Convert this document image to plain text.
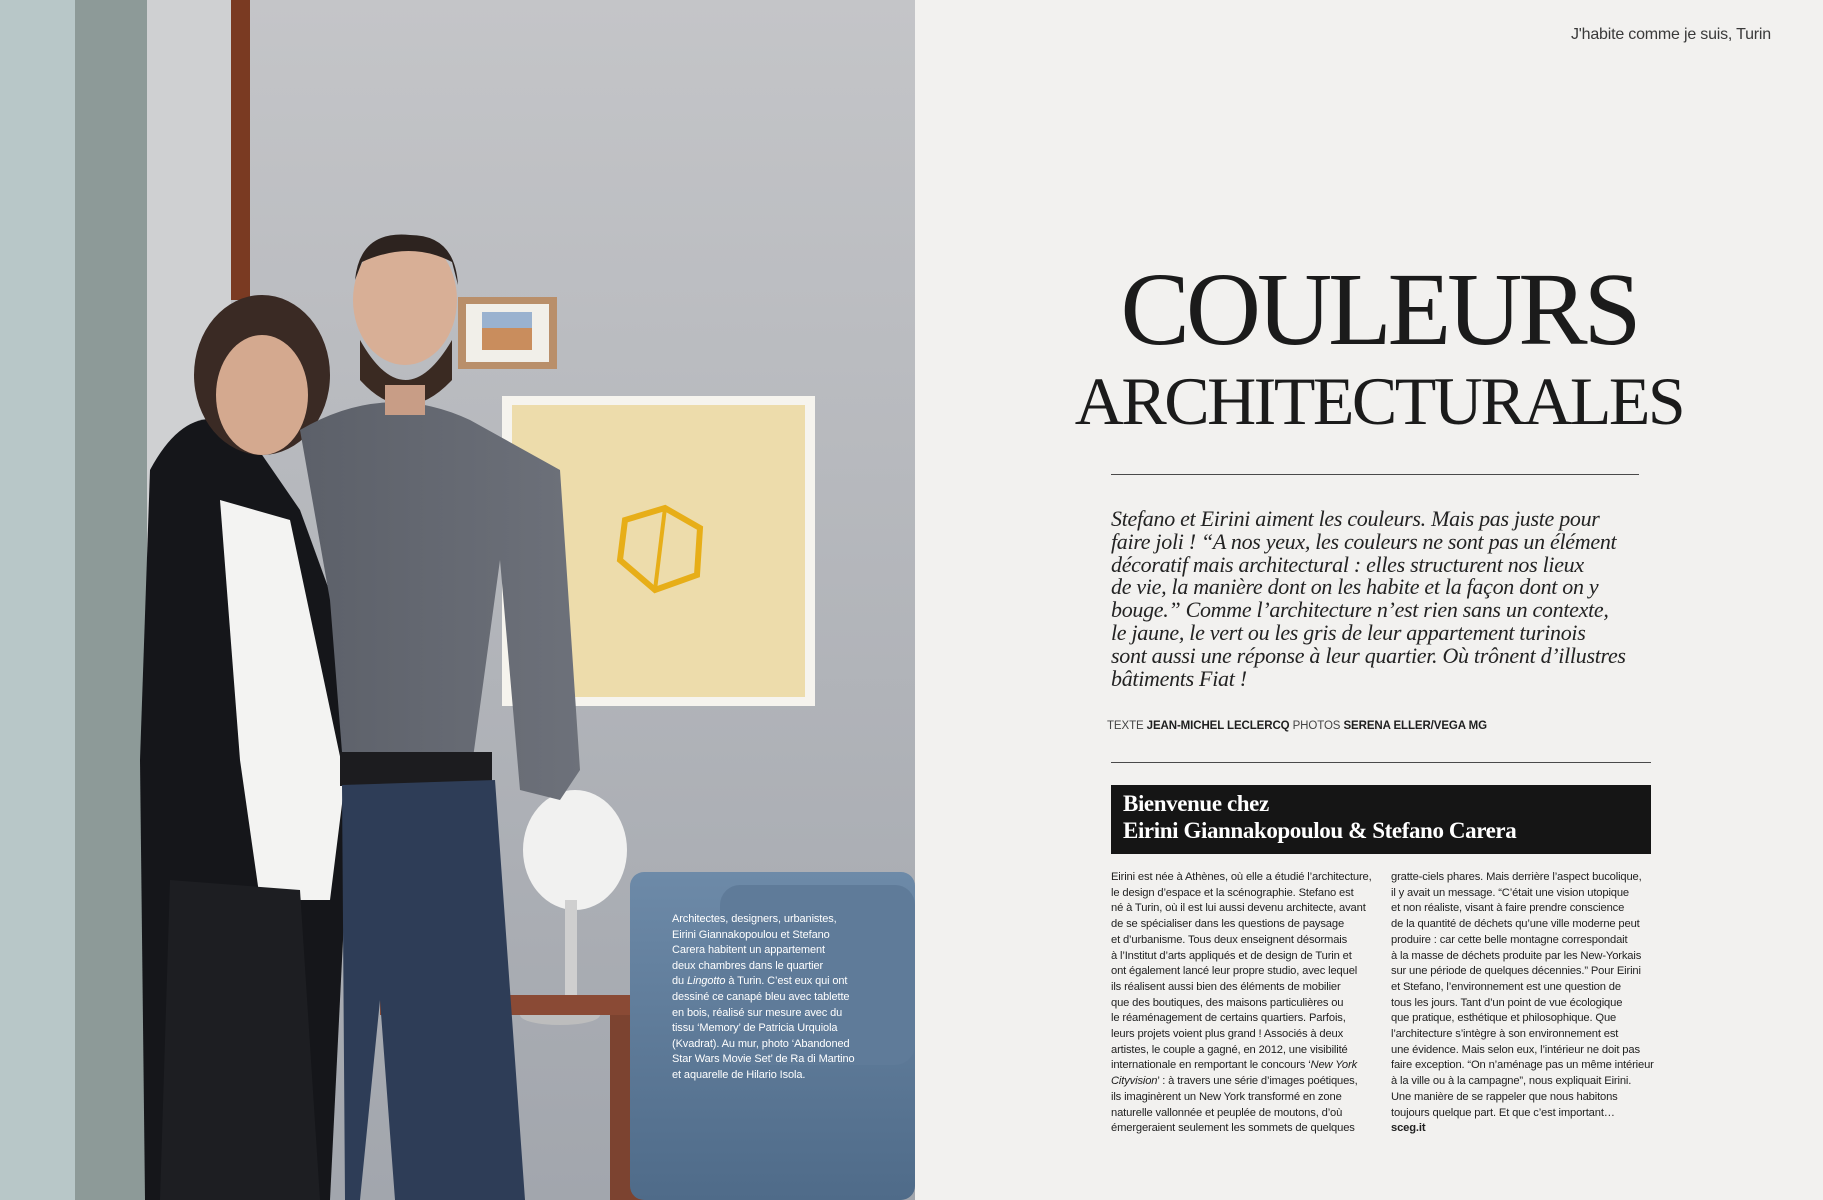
Architectes, designers, urbanistes,
Eirini Giannakopoulou et Stefano
Carera habitent un appartement
deux chambres dans le quartier
du Lingotto à Turin. C’est eux qui ont
dessiné ce canapé bleu avec tablette
en bois, réalisé sur mesure avec du
tissu ‘Memory’ de Patricia Urquiola
(Kvadrat). Au mur, photo ‘Abandoned
Star Wars Movie Set’ de Ra di Martino
et aquarelle de Hilario Isola.
J'habite comme je suis, Turin
COULEURS
ARCHITECTURALES
Stefano et Eirini aiment les couleurs. Mais pas juste pour
faire joli ! “A nos yeux, les couleurs ne sont pas un élément
décoratif mais architectural : elles structurent nos lieux
de vie, la manière dont on les habite et la façon dont on y
bouge.” Comme l’architecture n’est rien sans un contexte,
le jaune, le vert ou les gris de leur appartement turinois
sont aussi une réponse à leur quartier. Où trônent d’illustres
bâtiments Fiat !
TEXTE JEAN-MICHEL LECLERCQ PHOTOS SERENA ELLER/VEGA MG
Bienvenue chez
Eirini Giannakopoulou & Stefano Carera
Eirini est née à Athènes, où elle a étudié l’architecture,
le design d’espace et la scénographie. Stefano est
né à Turin, où il est lui aussi devenu architecte, avant
de se spécialiser dans les questions de paysage
et d’urbanisme. Tous deux enseignent désormais
à l’Institut d’arts appliqués et de design de Turin et
ont également lancé leur propre studio, avec lequel
ils réalisent aussi bien des éléments de mobilier
que des boutiques, des maisons particulières ou
le réaménagement de certains quartiers. Parfois,
leurs projets voient plus grand ! Associés à deux
artistes, le couple a gagné, en 2012, une visibilité
internationale en remportant le concours ‘New York
Cityvision’ : à travers une série d’images poétiques,
ils imaginèrent un New York transformé en zone
naturelle vallonnée et peuplée de moutons, d’où
émergeraient seulement les sommets de quelques
gratte-ciels phares. Mais derrière l’aspect bucolique,
il y avait un message. “C’était une vision utopique
et non réaliste, visant à faire prendre conscience
de la quantité de déchets qu’une ville moderne peut
produire : car cette belle montagne correspondait
à la masse de déchets produite par les New-Yorkais
sur une période de quelques décennies.” Pour Eirini
et Stefano, l’environnement est une question de
tous les jours. Tant d’un point de vue écologique
que pratique, esthétique et philosophique. Que
l’architecture s’intègre à son environnement est
une évidence. Mais selon eux, l’intérieur ne doit pas
faire exception. “On n’aménage pas un même intérieur
à la ville ou à la campagne”, nous expliquait Eirini.
Une manière de se rappeler que nous habitons
toujours quelque part. Et que c’est important…
sceg.it
